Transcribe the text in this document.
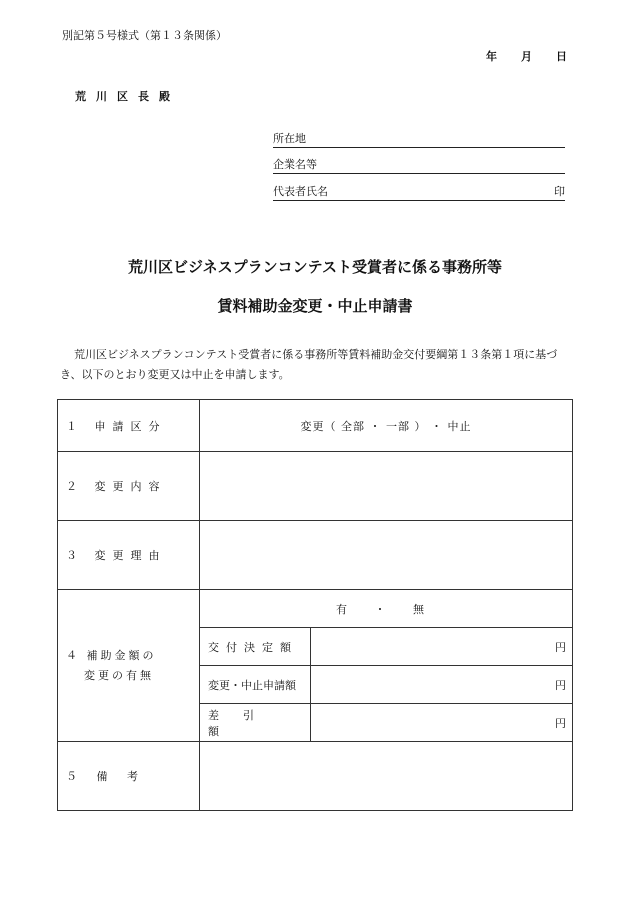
別記第５号様式（第１３条関係）
年 月 日
荒川区長殿
所在地
企業名等
代表者氏名	印
荒川区ビジネスプランコンテスト受賞者に係る事務所等
賃料補助金変更・中止申請書
荒川区ビジネスプランコンテスト受賞者に係る事務所等賃料補助金交付要綱第１３条第１項に基づき、以下のとおり変更又は中止を申請します。
１ 申請区分	変更（ 全部 ・ 一部 ） ・ 中止	
２ 変更内容		
３ 変更理由		

４ 補助金額の
変更の有無	有 ・ 無	
	交付決定額	円
	変更・中止申請額	円
	差引額	円
５ 備 考		
